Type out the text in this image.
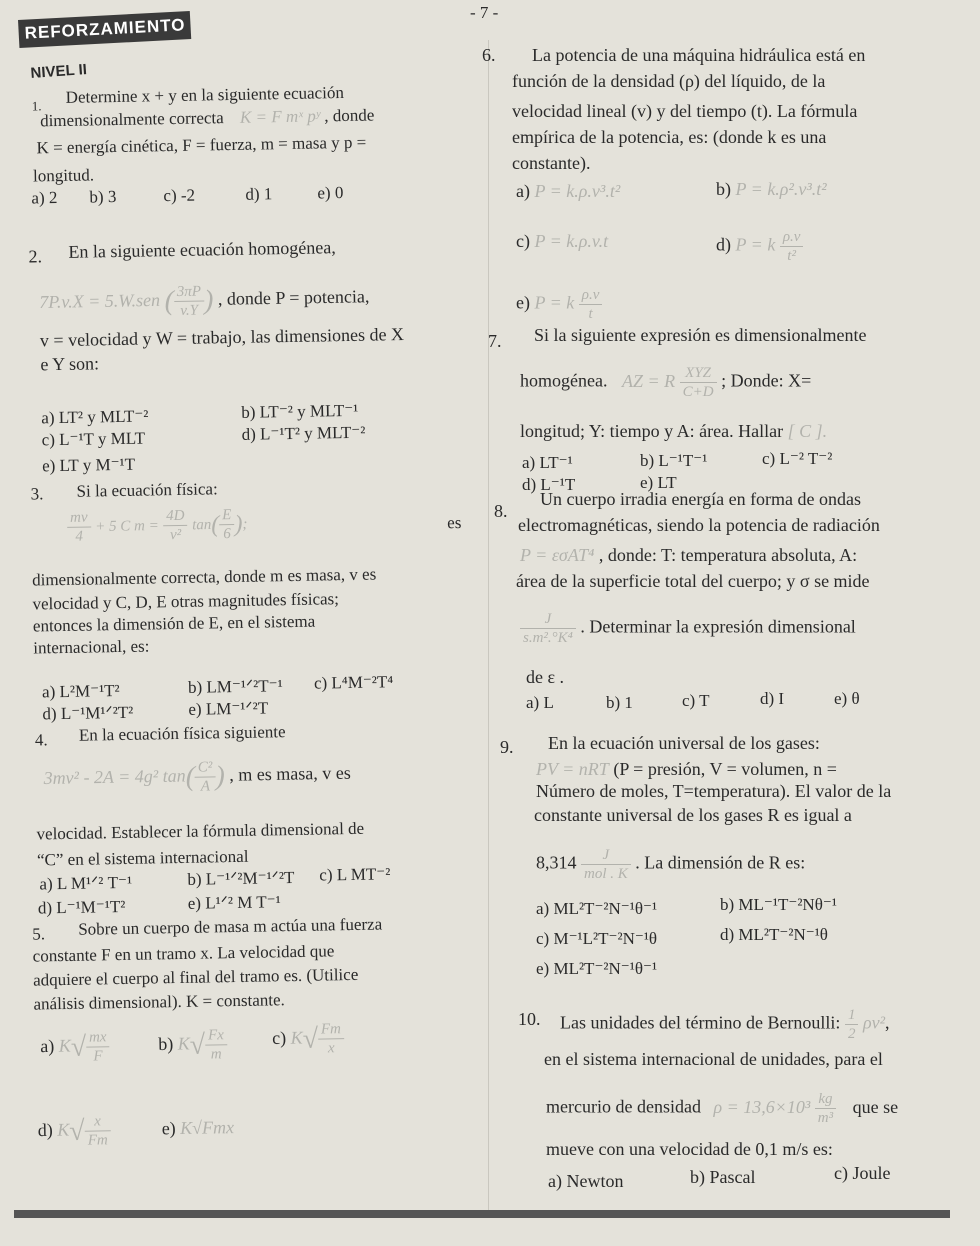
REFORZAMIENTO
- 7 -
NIVEL II
1. Determine x + y en la siguiente ecuación
dimensionalmente correcta K = F mˣ pʸ , donde
K = energía cinética, F = fuerza, m = masa y p =
longitud.
a) 2 b) 3	c) -2	d) 1	e) 0
2. En la siguiente ecuación homogénea,
7P.v.X = 5.W.sen ( $\frac{3\pi P}{v.Y}$ ) , donde P = potencia,
v = velocidad y W = trabajo, las dimensiones de X
e Y son:
a) LT² y MLT⁻²	b) LT⁻² y MLT⁻¹
c) L⁻¹T y MLT	d) L⁻¹T² y MLT⁻²
e) LT y M⁻¹T
3. Si la ecuación física:
$\frac{mv}{4} + 5$ C $m = \frac{4D}{\text{v²}} \tan( \frac{E}{6}$ );	es
dimensionalmente correcta, donde m es masa, v es
velocidad y C, D, E otras magnitudes físicas;
entonces la dimensión de E, en el sistema
internacional, es:
a) L²M⁻¹T²	b) LM⁻¹ᐟ²T⁻¹ c) L⁴M⁻²T⁴
d) L⁻¹M¹ᐟ²T²	e) LM⁻¹ᐟ²T
4. En la ecuación física siguiente
3mv² - 2A = 4g² $\tan( \frac{\text{C²}}{A}$ ) , m es masa, v es
velocidad. Establecer la fórmula dimensional de
“C” en el sistema internacional
a) L M¹ᐟ² T⁻¹	b) L⁻¹ᐟ²M⁻¹ᐟ²T c) L MT⁻²
d) L⁻¹M⁻¹T²	e) L¹ᐟ² M T⁻¹
5. Sobre un cuerpo de masa m actúa una fuerza
constante F en un tramo x. La velocidad que
adquiere el cuerpo al final del tramo es. (Utilice
análisis dimensional). K = constante.
a) $K√ \frac{mx}{F}$	b) $K√ \frac{Fx}{m} c$) $K√ \frac{Fm}{x}$
d) $K√ \frac{x}{Fm}$	e) K√Fmx
6. La potencia de una máquina hidráulica está en
función de la densidad (ρ) del líquido, de la
velocidad lineal (v) y del tiempo (t). La fórmula
empírica de la potencia, es: (donde k es una
constante).
a) P = k.ρ.v³.t²	b) P = k.ρ².v³.t²
c) P = k.ρ.v.t	d) P = k $\frac{\rho.v}{\text{t²}}$
e) P = k $\frac{\rho.v}{t}$
7. Si la siguiente expresión es dimensionalmente
homogénea. AZ = R $\frac{\text{XYZ}}{C+D}$ ; Donde: X=
longitud; Y: tiempo y A: área. Hallar [ C ].
a) LT⁻¹	b) L⁻¹T⁻¹	c) L⁻² T⁻²
d) L⁻¹T	e) LT
8.
Un cuerpo irradia energía en forma de ondas
electromagnéticas, siendo la potencia de radiación
P = εσAT⁴ , donde: T: temperatura absoluta, A:
área de la superficie total del cuerpo; y σ se mide
$\frac{J}{\text{s.m².°K⁴}}$ . Determinar la expresión dimensional
de ε .
a) L	b) 1	c) T	d) I	e) θ
9. En la ecuación universal de los gases:
PV = nRT (P = presión, V = volumen, n =
Número de moles, T=temperatura). El valor de la
constante universal de los gases R es igual a
$8,314 \frac{J}{\text{mol . K}}$ . La dimensión de R es:
a) ML²T⁻²N⁻¹θ⁻¹	b) ML⁻¹T⁻²Nθ⁻¹
c) M⁻¹L²T⁻²N⁻¹θ	d) ML²T⁻²N⁻¹θ
e) ML²T⁻²N⁻¹θ⁻¹
10. Las unidades del término de Bernoulli: $\frac{1}{2} \rho v^2$,
en el sistema internacional de unidades, para el
mercurio de densidad $\rho = 13,6\times 10^3 \frac{kg}{\text{m³}}$ que se
mueve con una velocidad de 0,1 m/s es:
a) Newton	b) Pascal	c) Joule
